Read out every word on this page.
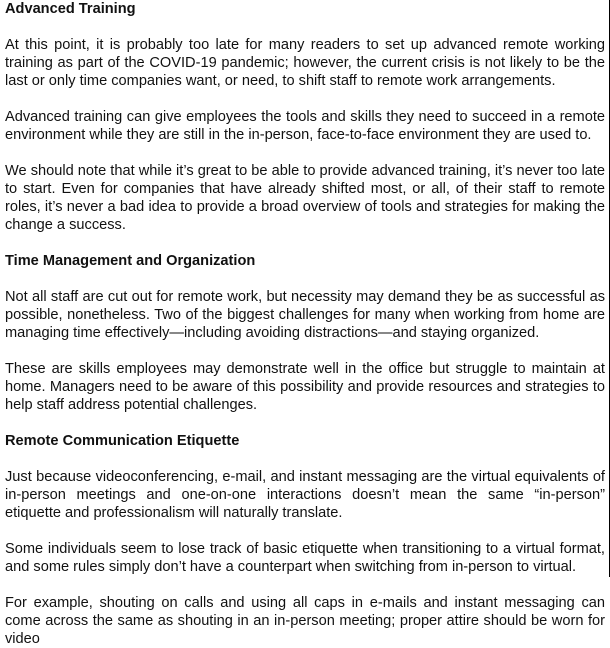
Advanced Training

At this point, it is probably too late for many readers to set up advanced remote working training as part of the COVID-19 pandemic; however, the current crisis is not likely to be the last or only time companies want, or need, to shift staff to remote work arrangements.

Advanced training can give employees the tools and skills they need to succeed in a remote environment while they are still in the in-person, face-to-face environment they are used to.

We should note that while it’s great to be able to provide advanced training, it’s never too late to start. Even for companies that have already shifted most, or all, of their staff to remote roles, it’s never a bad idea to provide a broad overview of tools and strategies for making the change a success.

Time Management and Organization

Not all staff are cut out for remote work, but necessity may demand they be as successful as possible, nonetheless. Two of the biggest challenges for many when working from home are managing time effectively—including avoiding distractions—and staying organized.

These are skills employees may demonstrate well in the office but struggle to maintain at home. Managers need to be aware of this possibility and provide resources and strategies to help staff address potential challenges.

Remote Communication Etiquette

Just because videoconferencing, e-mail, and instant messaging are the virtual equivalents of in-person meetings and one-on-one interactions doesn’t mean the same “in-person” etiquette and professionalism will naturally translate.

Some individuals seem to lose track of basic etiquette when transitioning to a virtual format, and some rules simply don’t have a counterpart when switching from in-person to virtual.

For example, shouting on calls and using all caps in e-mails and instant messaging can come across the same as shouting in an in-person meeting; proper attire should be worn for video
